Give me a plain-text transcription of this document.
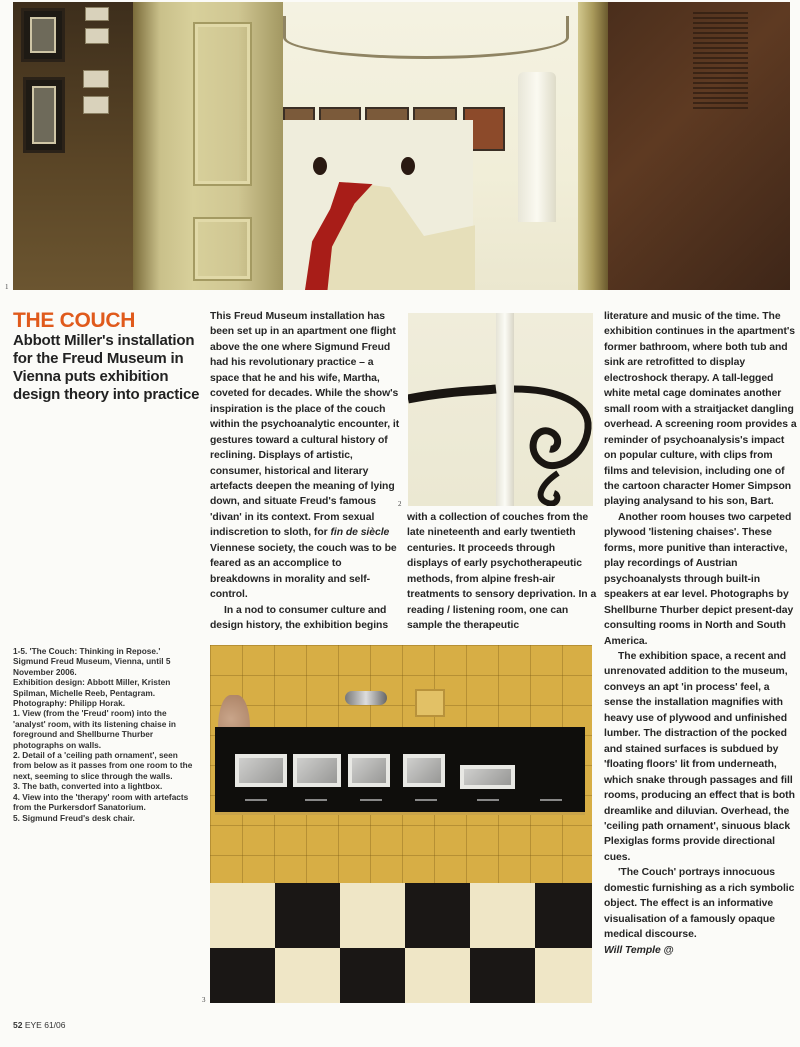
1
THE COUCH

Abbott Miller's installation for the Freud Museum in Vienna puts exhibition design theory into practice

1-5. 'The Couch: Thinking in Repose.' Sigmund Freud Museum, Vienna, until 5 November 2006.

Exhibition design: Abbott Miller, Kristen Spilman, Michelle Reeb, Pentagram.

Photography: Philipp Horak.

1. View (from the 'Freud' room) into the 'analyst' room, with its listening chaise in foreground and Shellburne Thurber photographs on walls.

2. Detail of a 'ceiling path ornament', seen from below as it passes from one room to the next, seeming to slice through the walls.

3. The bath, converted into a lightbox.

4. View into the 'therapy' room with artefacts from the Purkersdorf Sanatorium.

5. Sigmund Freud's desk chair.

This Freud Museum installation has been set up in an apartment one flight above the one where Sigmund Freud had his revolutionary practice – a space that he and his wife, Martha, coveted for decades. While the show's inspiration is the place of the couch within the psychoanalytic encounter, it gestures toward a cultural history of reclining. Displays of artistic, consumer, historical and literary artefacts deepen the meaning of lying down, and situate Freud's famous 'divan' in its context. From sexual indiscretion to sloth, for fin de siècle Viennese society, the couch was to be feared as an accomplice to breakdowns in morality and self-control.

In a nod to consumer culture and design history, the exhibition begins

2

with a collection of couches from the late nineteenth and early twentieth centuries. It proceeds through displays of early psychotherapeutic methods, from alpine fresh-air treatments to sensory deprivation. In a reading / listening room, one can sample the therapeutic

3

literature and music of the time. The exhibition continues in the apartment's former bathroom, where both tub and sink are retrofitted to display electroshock therapy. A tall-legged white metal cage dominates another small room with a straitjacket dangling overhead. A screening room provides a reminder of psychoanalysis's impact on popular culture, with clips from films and television, including one of the cartoon character Homer Simpson playing analysand to his son, Bart.

Another room houses two carpeted plywood 'listening chaises'. These forms, more punitive than interactive, play recordings of Austrian psychoanalysts through built-in speakers at ear level. Photographs by Shellburne Thurber depict present-day consulting rooms in North and South America.

The exhibition space, a recent and unrenovated addition to the museum, conveys an apt 'in process' feel, a sense the installation magnifies with heavy use of plywood and unfinished lumber. The distraction of the pocked and stained surfaces is subdued by 'floating floors' lit from underneath, which snake through passages and fill rooms, producing an effect that is both dreamlike and diluvian. Overhead, the 'ceiling path ornament', sinuous black Plexiglas forms provide directional cues.

'The Couch' portrays innocuous domestic furnishing as a rich symbolic object. The effect is an informative visualisation of a famously opaque medical discourse.

Will Temple @

52 EYE 61/06
